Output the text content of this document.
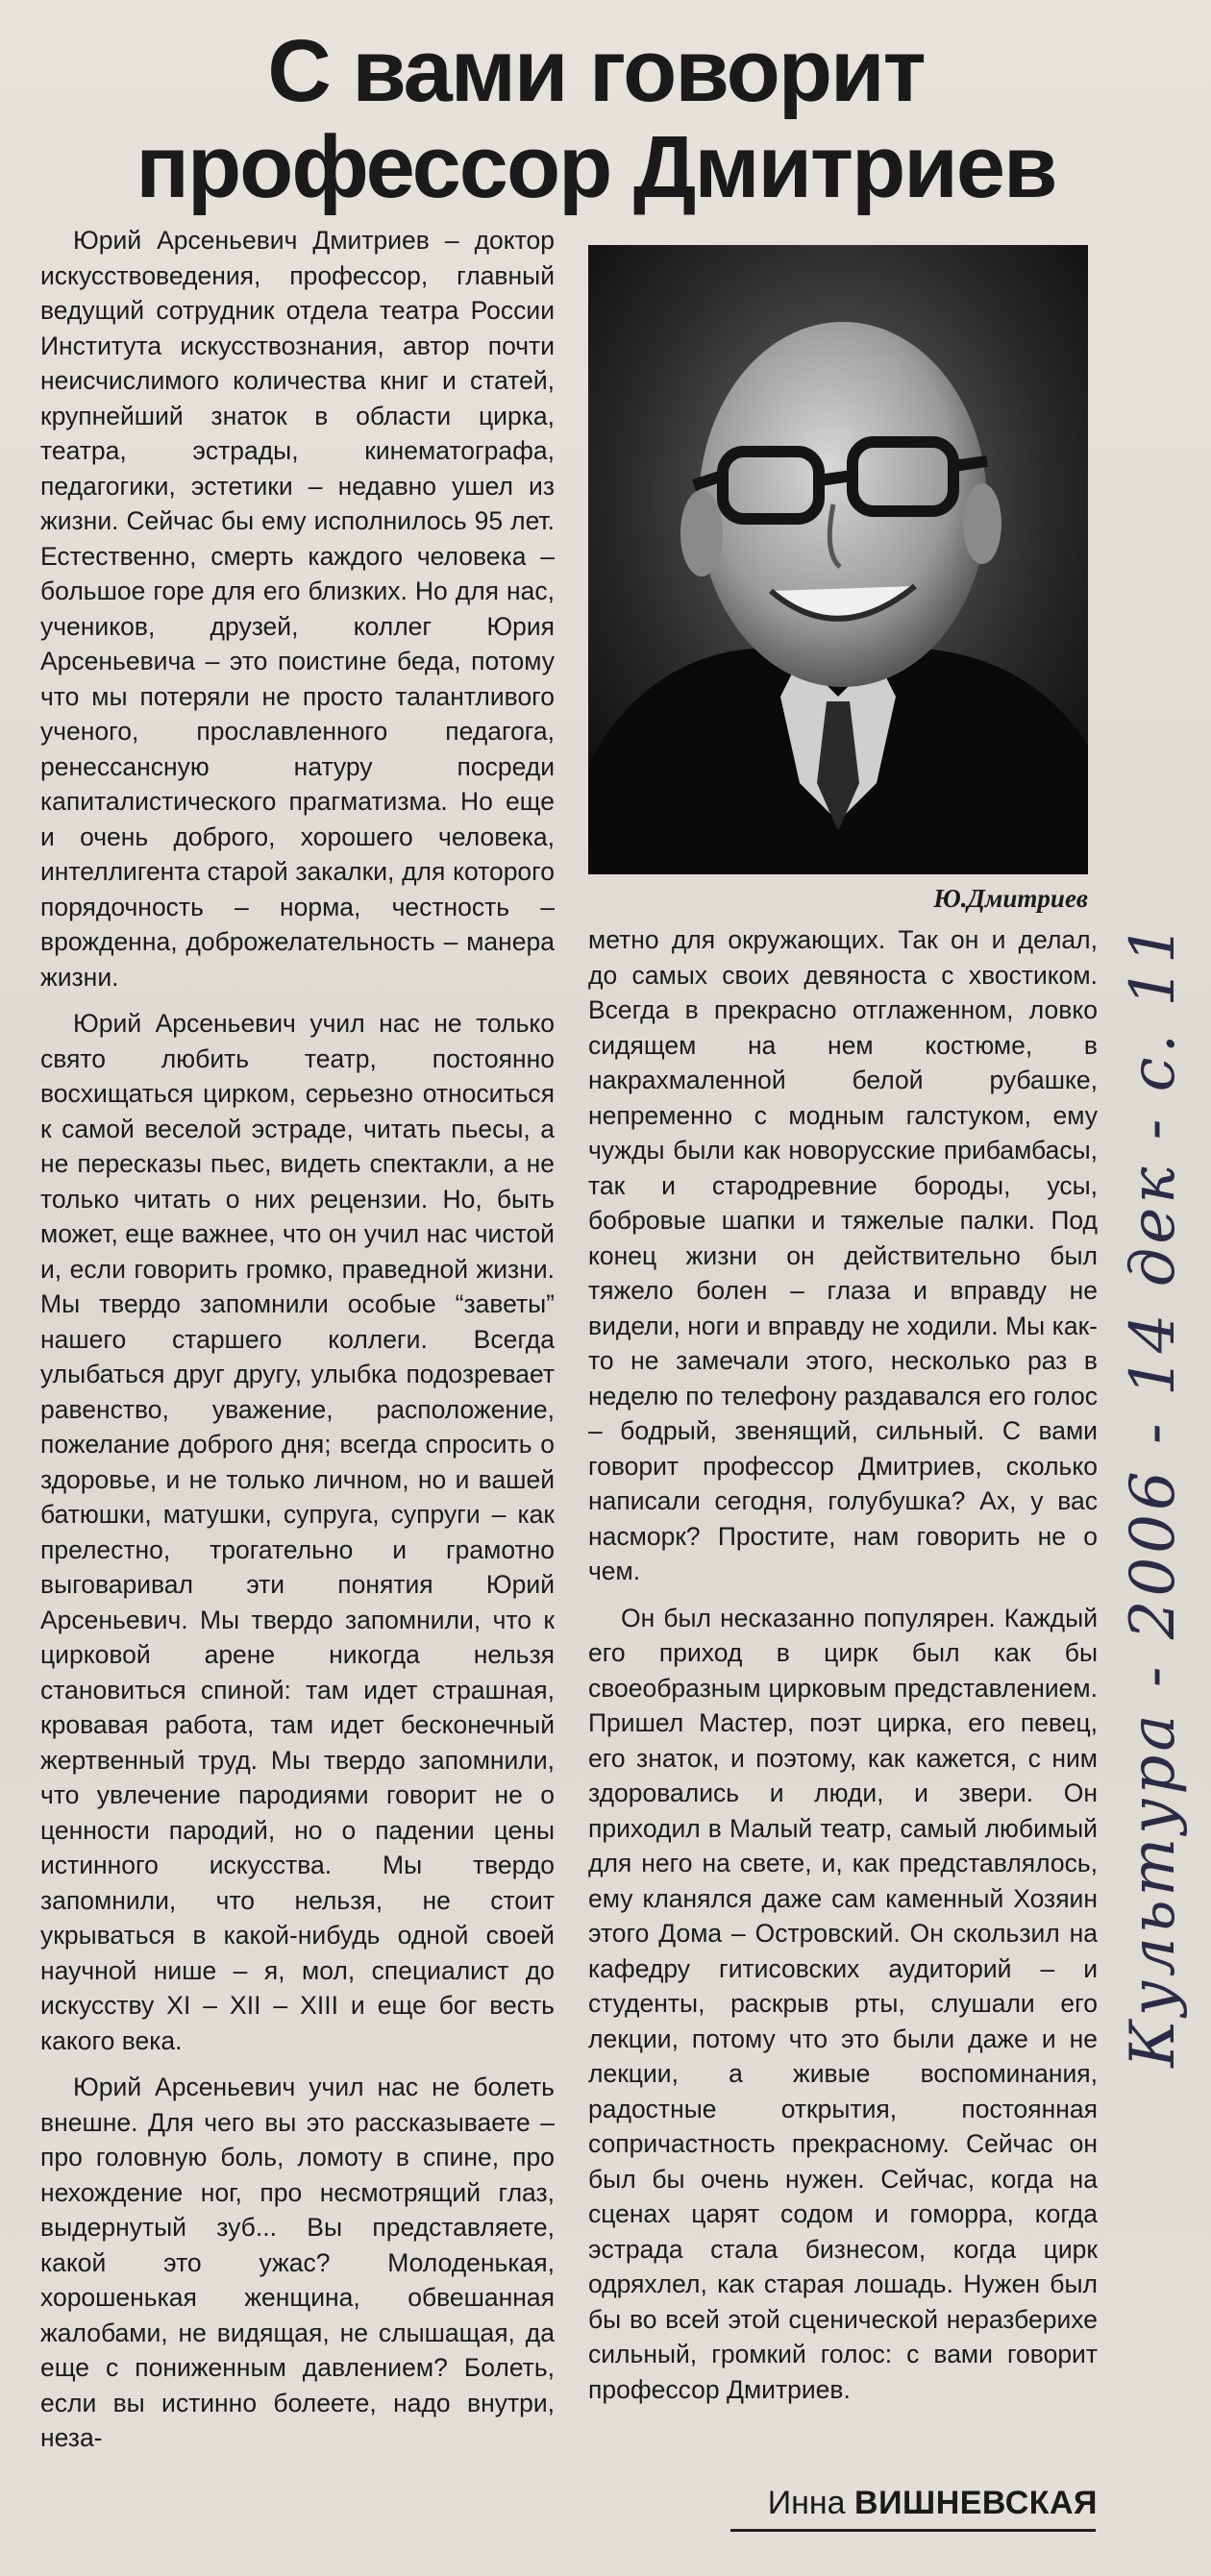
С вами говорит
профессор Дмитриев

Юрий Арсеньевич Дмитриев – доктор искусствоведения, профессор, главный ведущий сотрудник отдела театра России Института искусствознания, автор почти неисчислимого количества книг и статей, крупнейший знаток в области цирка, театра, эстрады, кинематографа, педагогики, эстетики – недавно ушел из жизни. Сейчас бы ему исполнилось 95 лет. Естественно, смерть каждого человека – большое горе для его близких. Но для нас, учеников, друзей, коллег Юрия Арсеньевича – это поистине беда, потому что мы потеряли не просто талантливого ученого, прославленного педагога, ренессансную натуру посреди капиталистического прагматизма. Но еще и очень доброго, хорошего человека, интеллигента старой закалки, для которого порядочность – норма, честность – врожденна, доброжелательность – манера жизни.

Юрий Арсеньевич учил нас не только свято любить театр, постоянно восхищаться цирком, серьезно относиться к самой веселой эстраде, читать пьесы, а не пересказы пьес, видеть спектакли, а не только читать о них рецензии. Но, быть может, еще важнее, что он учил нас чистой и, если говорить громко, праведной жизни. Мы твердо запомнили особые “заветы” нашего старшего коллеги. Всегда улыбаться друг другу, улыбка подозревает равенство, уважение, расположение, пожелание доброго дня; всегда спросить о здоровье, и не только личном, но и вашей батюшки, матушки, супруга, супруги – как прелестно, трогательно и грамотно выговаривал эти понятия Юрий Арсеньевич. Мы твердо запомнили, что к цирковой арене никогда нельзя становиться спиной: там идет страшная, кровавая работа, там идет бесконечный жертвенный труд. Мы твердо запомнили, что увлечение пародиями говорит не о ценности пародий, но о падении цены истинного искусства. Мы твердо запомнили, что нельзя, не стоит укрываться в какой-нибудь одной своей научной нише – я, мол, специалист до искусству XI – XII – XIII и еще бог весть какого века.

Юрий Арсеньевич учил нас не болеть внешне. Для чего вы это рассказываете – про головную боль, ломоту в спине, про нехождение ног, про несмотрящий глаз, выдернутый зуб... Вы представляете, какой это ужас? Молоденькая, хорошенькая женщина, обвешанная жалобами, не видящая, не слышащая, да еще с пониженным давлением? Болеть, если вы истинно болеете, надо внутри, неза-

Ю.Дмитриев

метно для окружающих. Так он и делал, до самых своих девяноста с хвостиком. Всегда в прекрасно отглаженном, ловко сидящем на нем костюме, в накрахмаленной белой рубашке, непременно с модным галстуком, ему чужды были как новорусские прибамбасы, так и стародревние бороды, усы, бобровые шапки и тяжелые палки. Под конец жизни он действительно был тяжело болен – глаза и вправду не видели, ноги и вправду не ходили. Мы как-то не замечали этого, несколько раз в неделю по телефону раздавался его голос – бодрый, звенящий, сильный. С вами говорит профессор Дмитриев, сколько написали сегодня, голубушка? Ах, у вас насморк? Простите, нам говорить не о чем.

Он был несказанно популярен. Каждый его приход в цирк был как бы своеобразным цирковым представлением. Пришел Мастер, поэт цирка, его певец, его знаток, и поэтому, как кажется, с ним здоровались и люди, и звери. Он приходил в Малый театр, самый любимый для него на свете, и, как представлялось, ему кланялся даже сам каменный Хозяин этого Дома – Островский. Он скользил на кафедру гитисовских аудиторий – и студенты, раскрыв рты, слушали его лекции, потому что это были даже и не лекции, а живые воспоминания, радостные открытия, постоянная сопричастность прекрасному. Сейчас он был бы очень нужен. Сейчас, когда на сценах царят содом и гоморра, когда эстрада стала бизнесом, когда цирк одряхлел, как старая лошадь. Нужен был бы во всей этой сценической неразберихе сильный, громкий голос: с вами говорит профессор Дмитриев.

Инна ВИШНЕВСКАЯ
Культура - 2006 - 14 дек - с. 11
